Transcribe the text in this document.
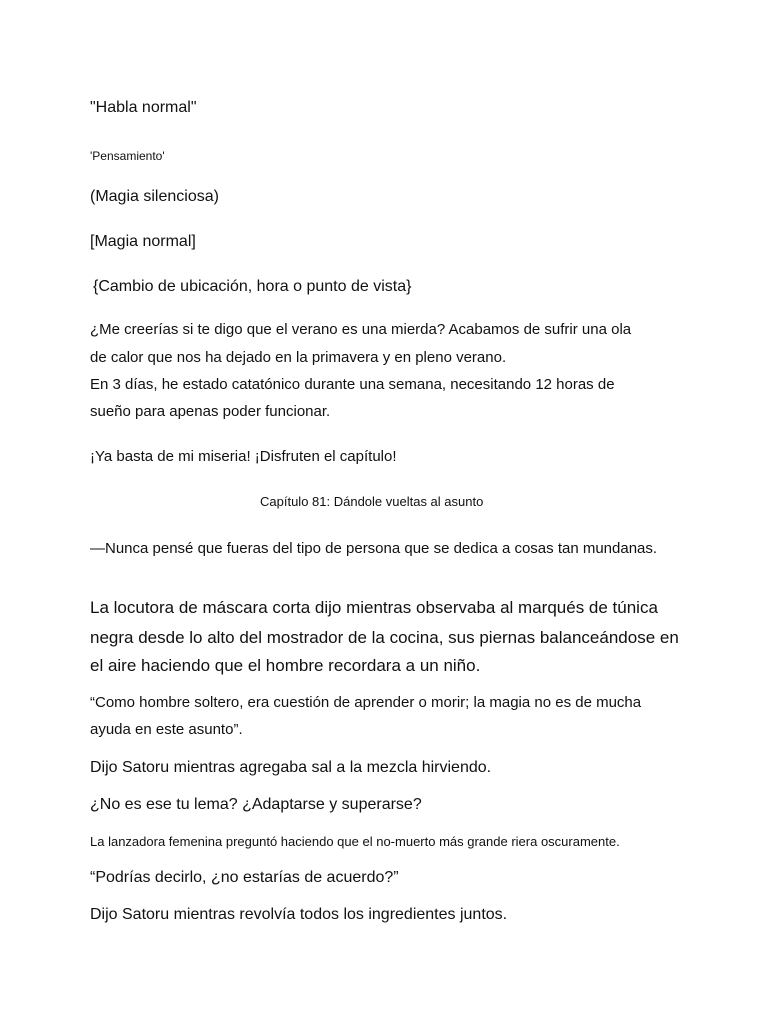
"Habla normal"

'Pensamiento'

(Magia silenciosa)

[Magia normal]

{Cambio de ubicación, hora o punto de vista}

¿Me creerías si te digo que el verano es una mierda? Acabamos de sufrir una ola

de calor que nos ha dejado en la primavera y en pleno verano.

En 3 días, he estado catatónico durante una semana, necesitando 12 horas de

sueño para apenas poder funcionar.

¡Ya basta de mi miseria! ¡Disfruten el capítulo!

Capítulo 81: Dándole vueltas al asunto

—Nunca pensé que fueras del tipo de persona que se dedica a cosas tan mundanas.

La locutora de máscara corta dijo mientras observaba al marqués de túnica

negra desde lo alto del mostrador de la cocina, sus piernas balanceándose en

el aire haciendo que el hombre recordara a un niño.

“Como hombre soltero, era cuestión de aprender o morir; la magia no es de mucha

ayuda en este asunto”.

Dijo Satoru mientras agregaba sal a la mezcla hirviendo.

¿No es ese tu lema? ¿Adaptarse y superarse?

La lanzadora femenina preguntó haciendo que el no-muerto más grande riera oscuramente.

“Podrías decirlo, ¿no estarías de acuerdo?”

Dijo Satoru mientras revolvía todos los ingredientes juntos.
